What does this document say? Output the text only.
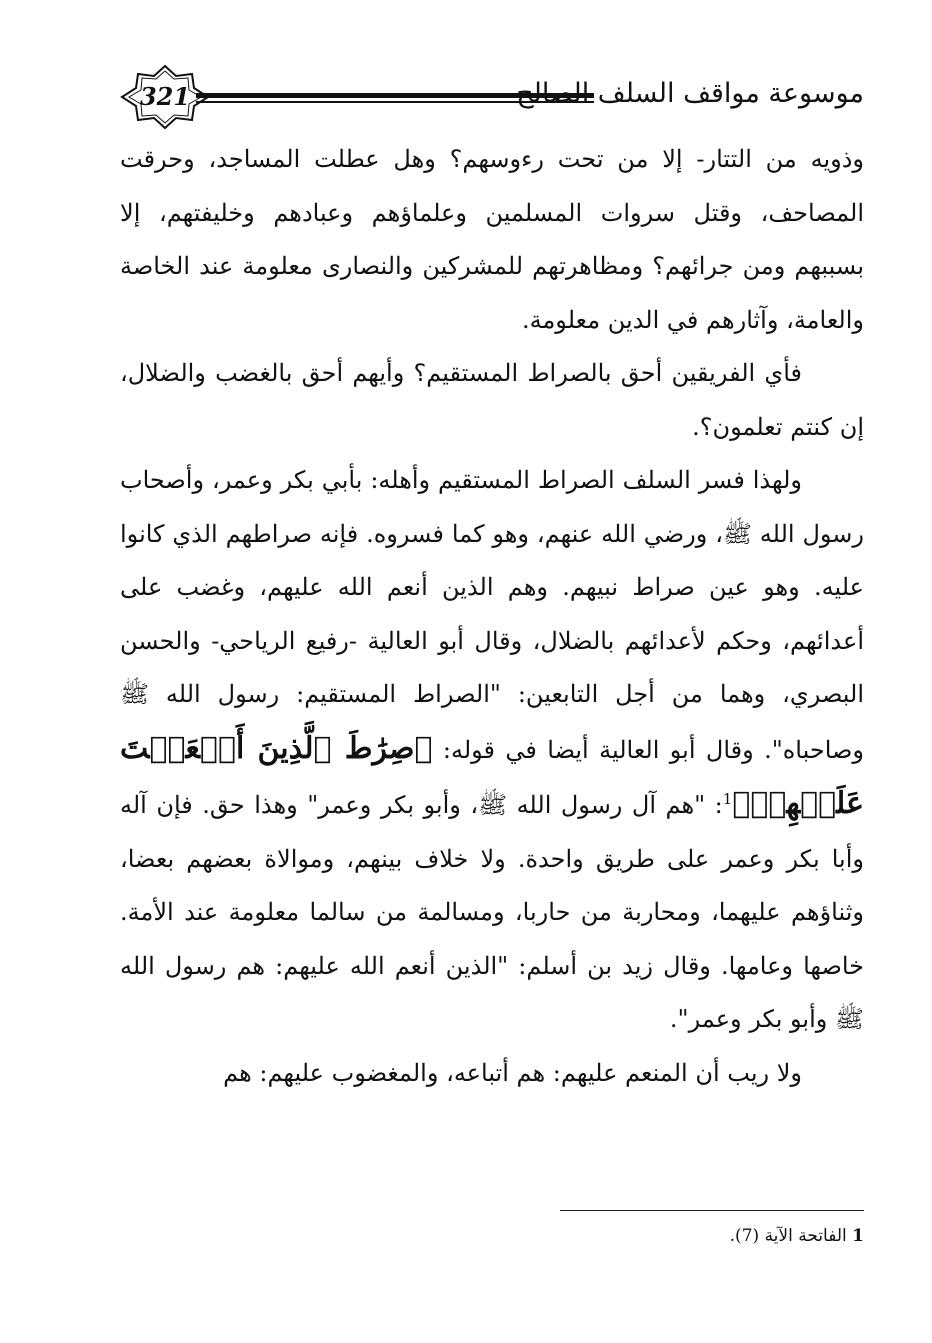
321	موسوعة مواقف السلف الصالح

وذويه من التتار- إلا من تحت رءوسهم؟ وهل عطلت المساجد، وحرقت المصاحف، وقتل سروات المسلمين وعلماؤهم وعبادهم وخليفتهم، إلا بسببهم ومن جرائهم؟ ومظاهرتهم للمشركين والنصارى معلومة عند الخاصة والعامة، وآثارهم في الدين معلومة.

فأي الفريقين أحق بالصراط المستقيم؟ وأيهم أحق بالغضب والضلال، إن كنتم تعلمون؟.

ولهذا فسر السلف الصراط المستقيم وأهله: بأبي بكر وعمر، وأصحاب رسول الله ﷺ، ورضي الله عنهم، وهو كما فسروه. فإنه صراطهم الذي كانوا عليه. وهو عين صراط نبيهم. وهم الذين أنعم الله عليهم، وغضب على أعدائهم، وحكم لأعدائهم بالضلال، وقال أبو العالية -رفيع الرياحي- والحسن البصري، وهما من أجل التابعين: "الصراط المستقيم: رسول الله ﷺ وصاحباه". وقال أبو العالية أيضا في قوله: ﴿صِرَٰطَ ٱلَّذِينَ أَنۡعَمۡتَ عَلَيۡهِمۡ﴾$^1$: "هم آل رسول الله ﷺ، وأبو بكر وعمر" وهذا حق. فإن آله وأبا بكر وعمر على طريق واحدة. ولا خلاف بينهم، وموالاة بعضهم بعضا، وثناؤهم عليهما، ومحاربة من حاربا، ومسالمة من سالما معلومة عند الأمة. خاصها وعامها. وقال زيد بن أسلم: "الذين أنعم الله عليهم: هم رسول الله ﷺ وأبو بكر وعمر".

ولا ريب أن المنعم عليهم: هم أتباعه، والمغضوب عليهم: هم

1 الفاتحة الآية (7).
